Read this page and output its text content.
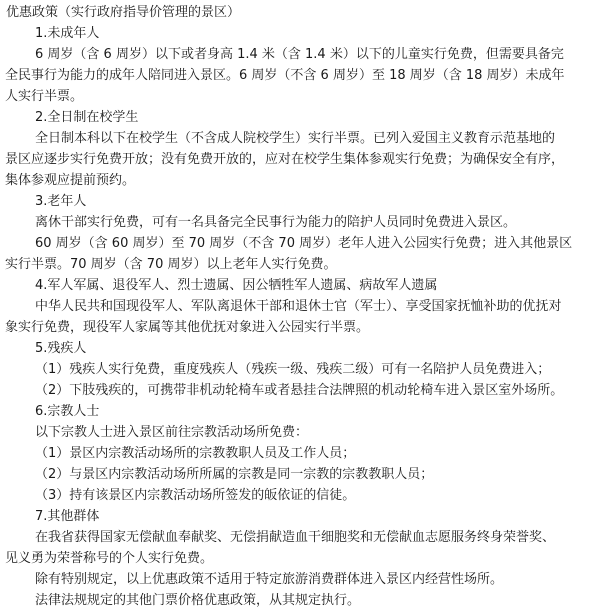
优惠政策（实行政府指导价管理的景区）
1.未成年人
6 周岁（含 6 周岁）以下或者身高 1.4 米（含 1.4 米）以下的儿童实行免费，但需要具备完
全民事行为能力的成年人陪同进入景区。6 周岁（不含 6 周岁）至 18 周岁（含 18 周岁）未成年
人实行半票。
2.全日制在校学生
全日制本科以下在校学生（不含成人院校学生）实行半票。已列入爱国主义教育示范基地的
景区应逐步实行免费开放；没有免费开放的，应对在校学生集体参观实行免费；为确保安全有序，
集体参观应提前预约。
3.老年人
离休干部实行免费，可有一名具备完全民事行为能力的陪护人员同时免费进入景区。
60 周岁（含 60 周岁）至 70 周岁（不含 70 周岁）老年人进入公园实行免费；进入其他景区
实行半票。70 周岁（含 70 周岁）以上老年人实行免费。
4.军人军属、退役军人、烈士遗属、因公牺牲军人遗属、病故军人遗属
中华人民共和国现役军人、军队离退休干部和退休士官（军士）、享受国家抚恤补助的优抚对
象实行免费，现役军人家属等其他优抚对象进入公园实行半票。
5.残疾人
（1）残疾人实行免费，重度残疾人（残疾一级、残疾二级）可有一名陪护人员免费进入；
（2）下肢残疾的，可携带非机动轮椅车或者悬挂合法牌照的机动轮椅车进入景区室外场所。
6.宗教人士
以下宗教人士进入景区前往宗教活动场所免费：
（1）景区内宗教活动场所的宗教教职人员及工作人员；
（2）与景区内宗教活动场所所属的宗教是同一宗教的宗教教职人员；
（3）持有该景区内宗教活动场所签发的皈依证的信徒。
7.其他群体
在我省获得国家无偿献血奉献奖、无偿捐献造血干细胞奖和无偿献血志愿服务终身荣誉奖、
见义勇为荣誉称号的个人实行免费。
除有特别规定，以上优惠政策不适用于特定旅游消费群体进入景区内经营性场所。
法律法规规定的其他门票价格优惠政策，从其规定执行。
